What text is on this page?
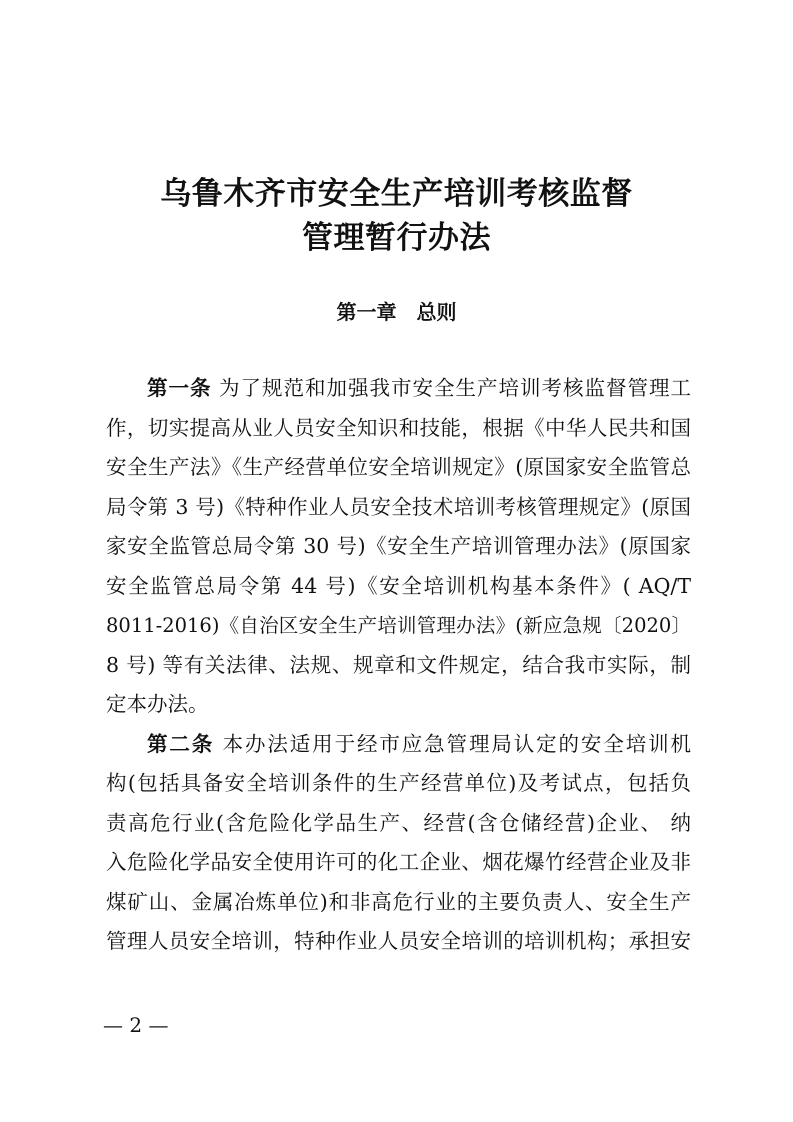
乌鲁木齐市安全生产培训考核监督
管理暂行办法
第一章　总则
第一条 为了规范和加强我市安全生产培训考核监督管理工
作，切实提高从业人员安全知识和技能，根据《中华人民共和国
安全生产法》《生产经营单位安全培训规定》(原国家安全监管总
局令第 3 号)《特种作业人员安全技术培训考核管理规定》(原国
家安全监管总局令第 30 号)《安全生产培训管理办法》(原国家
安全监管总局令第 44 号)《安全培训机构基本条件》( AQ/T
8011-2016)《自治区安全生产培训管理办法》(新应急规〔2020〕
8 号) 等有关法律、法规、规章和文件规定，结合我市实际，制
定本办法。
第二条 本办法适用于经市应急管理局认定的安全培训机
构(包括具备安全培训条件的生产经营单位)及考试点，包括负
责高危行业(含危险化学品生产、经营(含仓储经营)企业、 纳
入危险化学品安全使用许可的化工企业、烟花爆竹经营企业及非
煤矿山、金属冶炼单位)和非高危行业的主要负责人、安全生产
管理人员安全培训，特种作业人员安全培训的培训机构；承担安
— 2 —
